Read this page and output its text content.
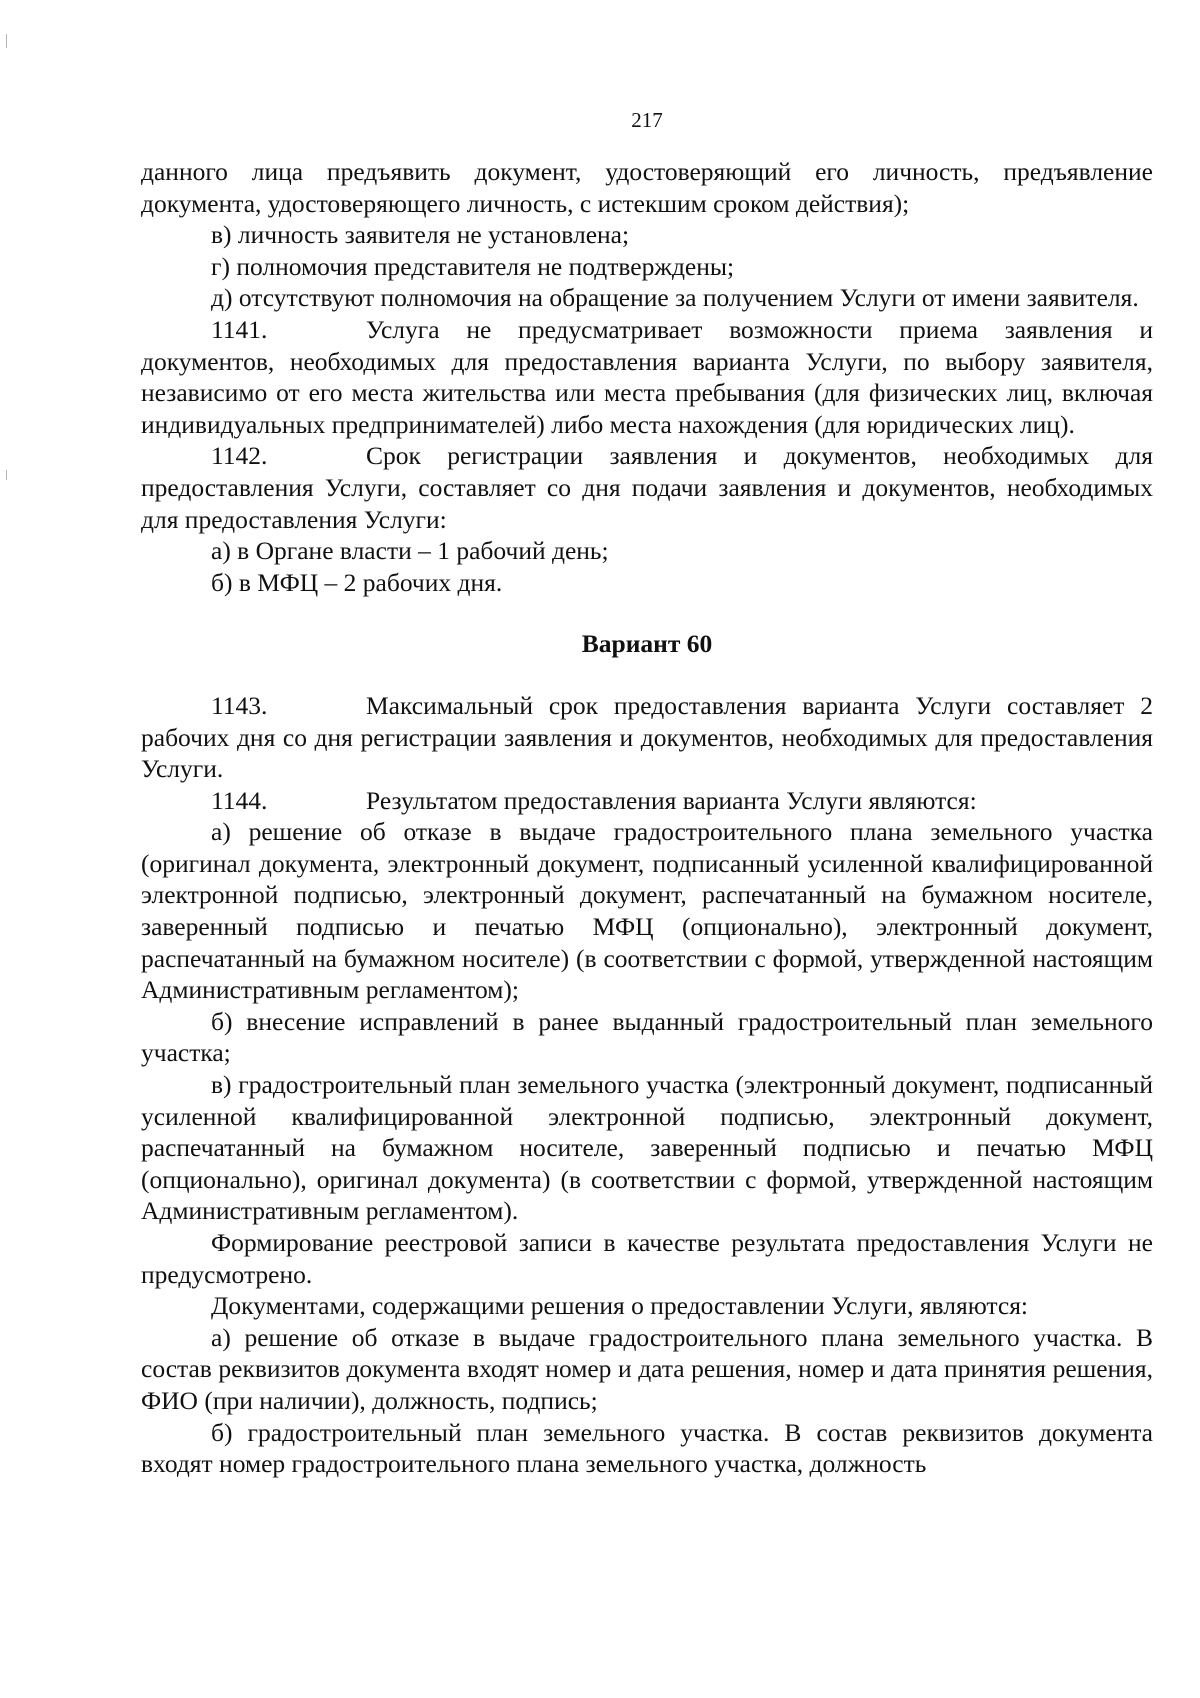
217

данного лица предъявить документ, удостоверяющий его личность, предъявление документа, удостоверяющего личность, с истекшим сроком действия);

в) личность заявителя не установлена;

г) полномочия представителя не подтверждены;

д) отсутствуют полномочия на обращение за получением Услуги от имени заявителя.

1141.	Услуга не предусматривает возможности приема заявления и документов, необходимых для предоставления варианта Услуги, по выбору заявителя, независимо от его места жительства или места пребывания (для физических лиц, включая индивидуальных предпринимателей) либо места нахождения (для юридических лиц).

1142.	Срок регистрации заявления и документов, необходимых для предоставления Услуги, составляет со дня подачи заявления и документов, необходимых для предоставления Услуги:

а) в Органе власти – 1 рабочий день;

б) в МФЦ – 2 рабочих дня.

Вариант 60

1143.	Максимальный срок предоставления варианта Услуги составляет 2 рабочих дня со дня регистрации заявления и документов, необходимых для предоставления Услуги.

1144.	Результатом предоставления варианта Услуги являются:

а) решение об отказе в выдаче градостроительного плана земельного участка (оригинал документа, электронный документ, подписанный усиленной квалифицированной электронной подписью, электронный документ, распечатанный на бумажном носителе, заверенный подписью и печатью МФЦ (опционально), электронный документ, распечатанный на бумажном носителе) (в соответствии с формой, утвержденной настоящим Административным регламентом);

б) внесение исправлений в ранее выданный градостроительный план земельного участка;

в) градостроительный план земельного участка (электронный документ, подписанный усиленной квалифицированной электронной подписью, электронный документ, распечатанный на бумажном носителе, заверенный подписью и печатью МФЦ (опционально), оригинал документа) (в соответствии с формой, утвержденной настоящим Административным регламентом).

Формирование реестровой записи в качестве результата предоставления Услуги не предусмотрено.

Документами, содержащими решения о предоставлении Услуги, являются:

а) решение об отказе в выдаче градостроительного плана земельного участка. В состав реквизитов документа входят номер и дата решения, номер и дата принятия решения, ФИО (при наличии), должность, подпись;

б) градостроительный план земельного участка. В состав реквизитов документа входят номер градостроительного плана земельного участка, должность
